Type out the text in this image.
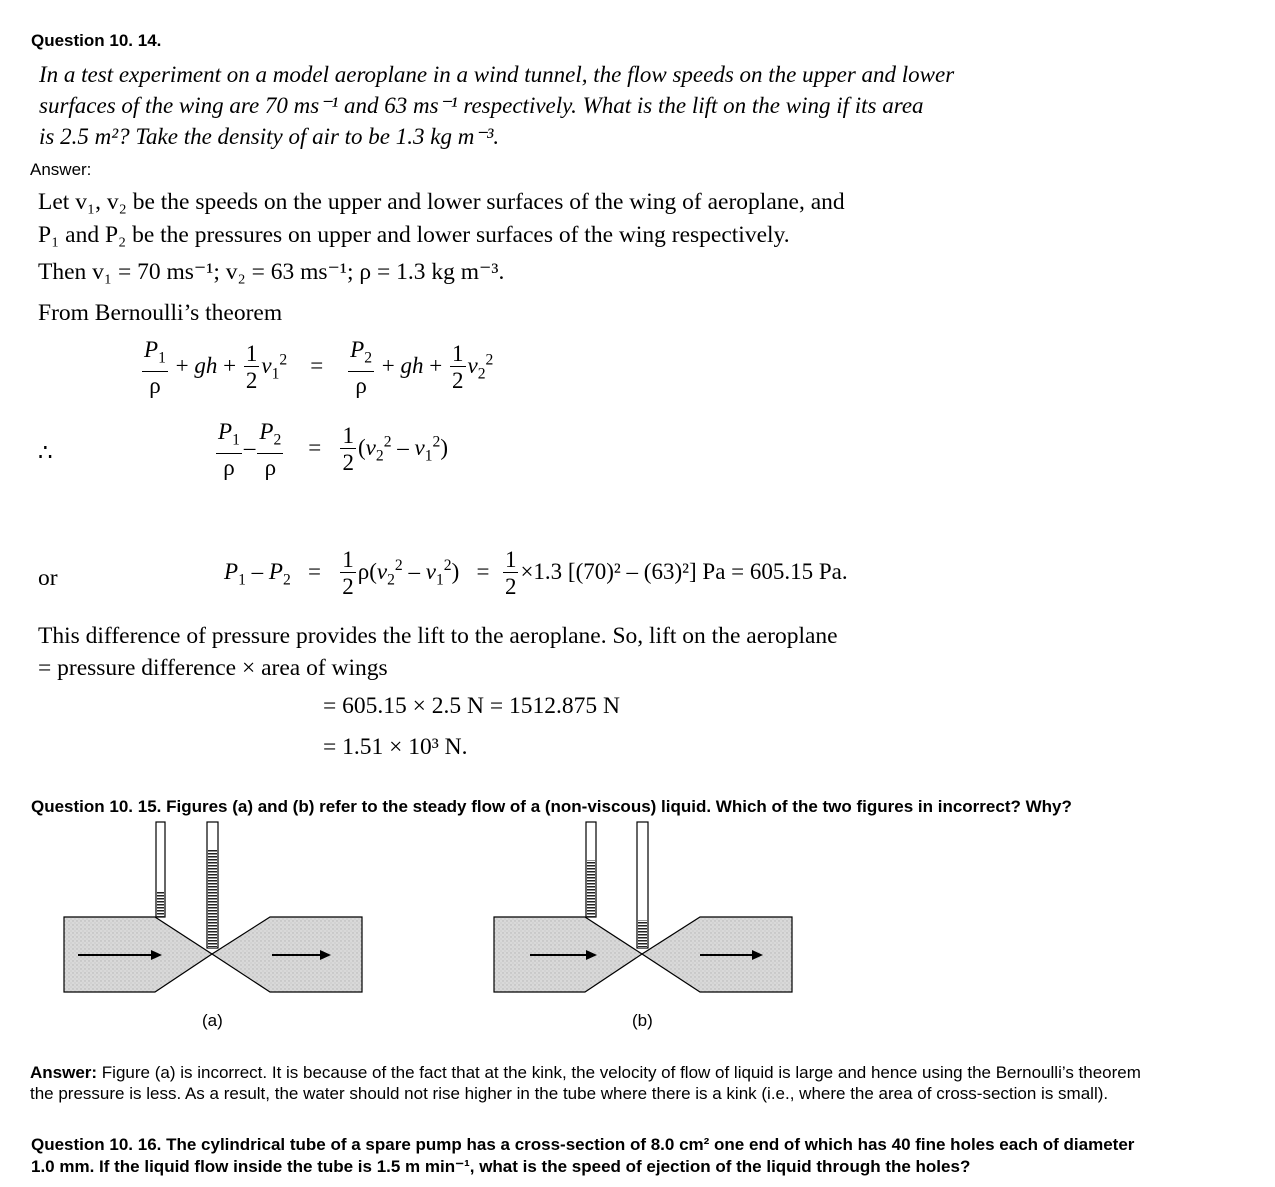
Question 10. 14.
In a test experiment on a model aeroplane in a wind tunnel, the flow speeds on the upper and lower
surfaces of the wing are 70 ms⁻¹ and 63 ms⁻¹ respectively. What is the lift on the wing if its area
is 2.5 m²? Take the density of air to be 1.3 kg m⁻³.
Answer:
Let v₁, v₂ be the speeds on the upper and lower surfaces of the wing of aeroplane, and
P₁ and P₂ be the pressures on upper and lower surfaces of the wing respectively.
Then v₁ = 70 ms⁻¹; v₂ = 63 ms⁻¹; ρ = 1.3 kg m⁻³.
From Bernoulli’s theorem
$\frac{P_1}{\rho}$ + gh + $\frac{1}{2} v_1^2$    = $\frac{P_2}{\rho}$ + gh + $\frac{1}{2} v_2^2$
∴	$\frac{P_1}{\rho} - \frac{P_2}{\rho} = \frac{1}{2} (v_2^2 - v_1^2)$
or	$P_1 - P_2 = \frac{1}{2} \rho(v_2^2 - v_1^2) = \frac{1}{2} \times 1.3$ [(70)² – (63)²] Pa = 605.15 Pa.
This difference of pressure provides the lift to the aeroplane. So, lift on the aeroplane
= pressure difference × area of wings
= 605.15 × 2.5 N = 1512.875 N
= 1.51 × 10³ N.
Question 10. 15. Figures (a) and (b) refer to the steady flow of a (non-viscous) liquid. Which of the two figures in incorrect? Why?
(a)	(b)
Answer: Figure (a) is incorrect. It is because of the fact that at the kink, the velocity of flow of liquid is large and hence using the Bernoulli’s theorem
the pressure is less. As a result, the water should not rise higher in the tube where there is a kink (i.e., where the area of cross-section is small).
Question 10. 16. The cylindrical tube of a spare pump has a cross-section of 8.0 cm² one end of which has 40 fine holes each of diameter
1.0 mm. If the liquid flow inside the tube is 1.5 m min⁻¹, what is the speed of ejection of the liquid through the holes?
